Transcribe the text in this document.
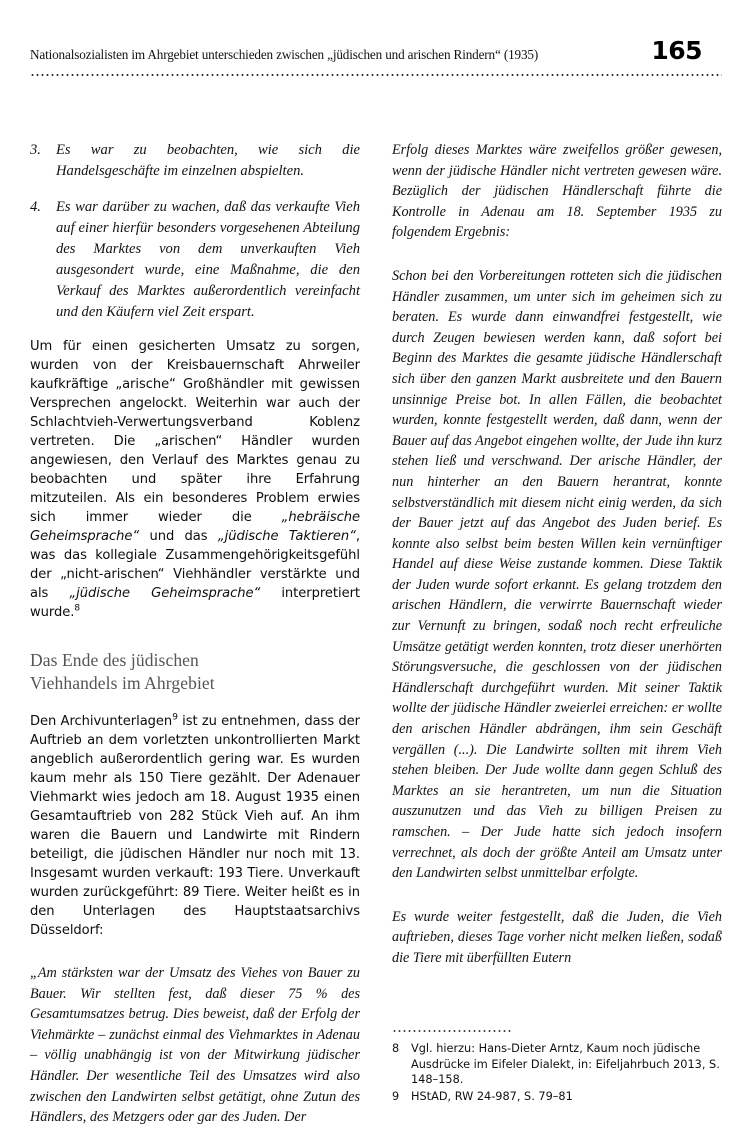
Nationalsozialisten im Ahrgebiet unterschieden zwischen „jüdischen und arischen Rindern“ (1935)	165
3.	Es war zu beobachten, wie sich die Handelsgeschäfte im einzelnen abspielten.
4.	Es war darüber zu wachen, daß das verkaufte Vieh auf einer hierfür besonders vorgesehenen Abteilung des Marktes von dem unverkauften Vieh ausgesondert wurde, eine Maßnahme, die den Verkauf des Marktes außerordentlich vereinfacht und den Käufern viel Zeit erspart.

Um für einen gesicherten Umsatz zu sorgen, wurden von der Kreisbauernschaft Ahrweiler kaufkräftige „arische“ Großhändler mit gewissen Versprechen angelockt. Weiterhin war auch der Schlachtvieh-Verwertungsverband Koblenz vertreten. Die „arischen“ Händler wurden angewiesen, den Verlauf des Marktes genau zu beobachten und später ihre Erfahrung mitzuteilen. Als ein besonderes Problem erwies sich immer wieder die „hebräische Geheimsprache“ und das „jüdische Taktieren“, was das kollegiale Zusammengehörigkeitsgefühl der „nicht-arischen“ Viehhändler verstärkte und als „jüdische Geheimsprache“ interpretiert wurde.$^8$

Das Ende des jüdischen
Viehhandels im Ahrgebiet

Den Archivunterlagen$^9$ ist zu entnehmen, dass der Auftrieb an dem vorletzten unkontrollierten Markt angeblich außerordentlich gering war. Es wurden kaum mehr als 150 Tiere gezählt. Der Adenauer Viehmarkt wies jedoch am 18. August 1935 einen Gesamtauftrieb von 282 Stück Vieh auf. An ihm waren die Bauern und Landwirte mit Rindern beteiligt, die jüdischen Händler nur noch mit 13. Insgesamt wurden verkauft: 193 Tiere. Unverkauft wurden zurückgeführt: 89 Tiere. Weiter heißt es in den Unterlagen des Hauptstaatsarchivs Düsseldorf:

„Am stärksten war der Umsatz des Viehes von Bauer zu Bauer. Wir stellten fest, daß dieser 75 % des Gesamtumsatzes betrug. Dies beweist, daß der Erfolg der Viehmärkte – zunächst einmal des Viehmarktes in Adenau – völlig unabhängig ist von der Mitwirkung jüdischer Händler. Der wesentliche Teil des Umsatzes wird also zwischen den Landwirten selbst getätigt, ohne Zutun des Händlers, des Metzgers oder gar des Juden. Der

Erfolg dieses Marktes wäre zweifellos größer gewesen, wenn der jüdische Händler nicht vertreten gewesen wäre. Bezüglich der jüdischen Händlerschaft führte die Kontrolle in Adenau am 18. September 1935 zu folgendem Ergebnis:

Schon bei den Vorbereitungen rotteten sich die jüdischen Händler zusammen, um unter sich im geheimen sich zu beraten. Es wurde dann einwandfrei festgestellt, wie durch Zeugen bewiesen werden kann, daß sofort bei Beginn des Marktes die gesamte jüdische Händlerschaft sich über den ganzen Markt ausbreitete und den Bauern unsinnige Preise bot. In allen Fällen, die beobachtet wurden, konnte festgestellt werden, daß dann, wenn der Bauer auf das Angebot eingehen wollte, der Jude ihn kurz stehen ließ und verschwand. Der arische Händler, der nun hinterher an den Bauern herantrat, konnte selbstverständlich mit diesem nicht einig werden, da sich der Bauer jetzt auf das Angebot des Juden berief. Es konnte also selbst beim besten Willen kein vernünftiger Handel auf diese Weise zustande kommen. Diese Taktik der Juden wurde sofort erkannt. Es gelang trotzdem den arischen Händlern, die verwirrte Bauernschaft wieder zur Vernunft zu bringen, sodaß noch recht erfreuliche Umsätze getätigt werden konnten, trotz dieser unerhörten Störungsversuche, die geschlossen von der jüdischen Händlerschaft durchgeführt wurden. Mit seiner Taktik wollte der jüdische Händler zweierlei erreichen: er wollte den arischen Händler abdrängen, ihm sein Geschäft vergällen (...). Die Landwirte sollten mit ihrem Vieh stehen bleiben. Der Jude wollte dann gegen Schluß des Marktes an sie herantreten, um nun die Situation auszunutzen und das Vieh zu billigen Preisen zu ramschen. – Der Jude hatte sich jedoch insofern verrechnet, als doch der größte Anteil am Umsatz unter den Landwirten selbst unmittelbar erfolgte.

Es wurde weiter festgestellt, daß die Juden, die Vieh auftrieben, dieses Tage vorher nicht melken ließen, sodaß die Tiere mit überfüllten Eutern

8	Vgl. hierzu: Hans-Dieter Arntz, Kaum noch jüdische Ausdrücke im Eifeler Dialekt, in: Eifeljahrbuch 2013, S. 148–158.
9	HStAD, RW 24-987, S. 79–81
